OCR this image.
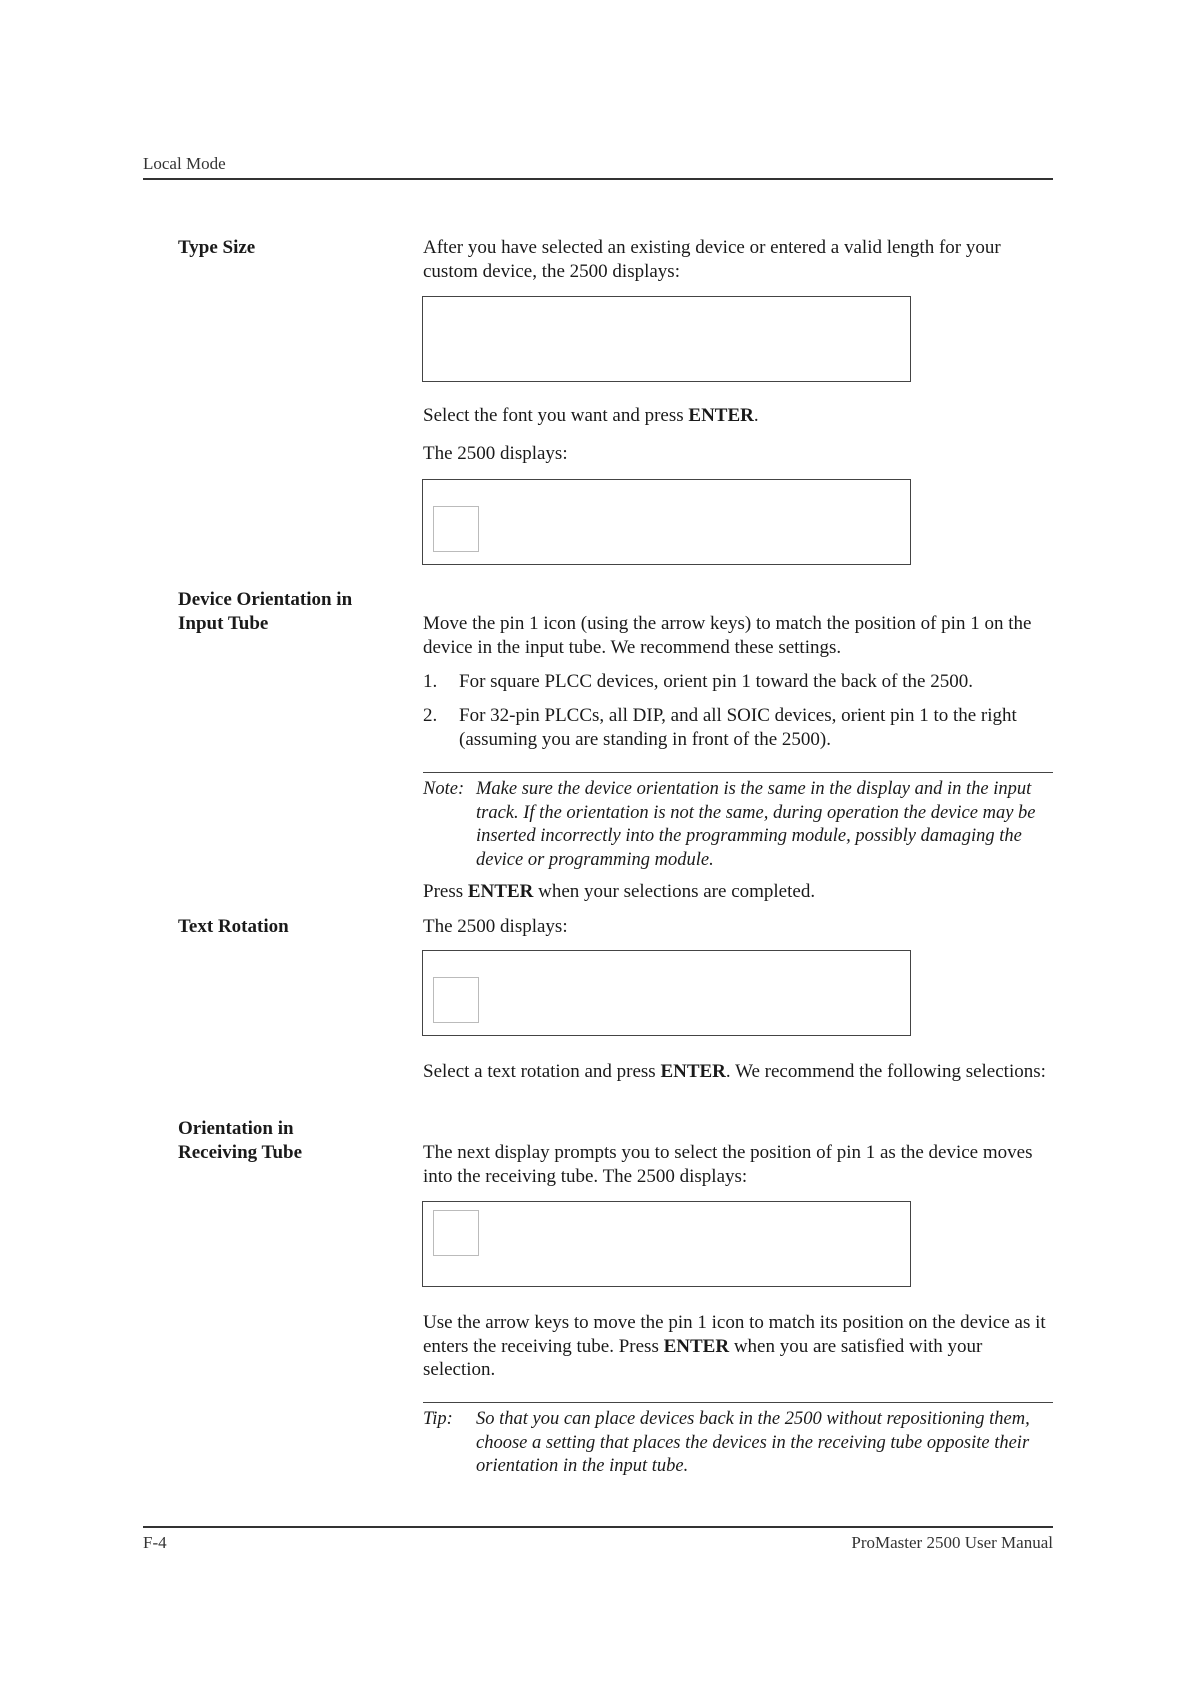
Local Mode
Type Size	After you have selected an existing device or entered a valid length for your custom device, the 2500 displays:
Select the font you want and press ENTER.
The 2500 displays:
Device Orientation in
Input Tube	Move the pin 1 icon (using the arrow keys) to match the position of pin 1 on the device in the input tube. We recommend these settings.
1. For square PLCC devices, orient pin 1 toward the back of the 2500.
2. For 32-pin PLCCs, all DIP, and all SOIC devices, orient pin 1 to the right (assuming you are standing in front of the 2500).
Note: Make sure the device orientation is the same in the display and in the input track. If the orientation is not the same, during operation the device may be inserted incorrectly into the programming module, possibly damaging the device or programming module.
Press ENTER when your selections are completed.
Text Rotation	The 2500 displays:
Select a text rotation and press ENTER. We recommend the following selections:
Orientation in
Receiving Tube	The next display prompts you to select the position of pin 1 as the device moves into the receiving tube. The 2500 displays:
Use the arrow keys to move the pin 1 icon to match its position on the device as it enters the receiving tube. Press ENTER when you are satisfied with your selection.
Tip: So that you can place devices back in the 2500 without repositioning them, choose a setting that places the devices in the receiving tube opposite their orientation in the input tube.
F-4	ProMaster 2500 User Manual
